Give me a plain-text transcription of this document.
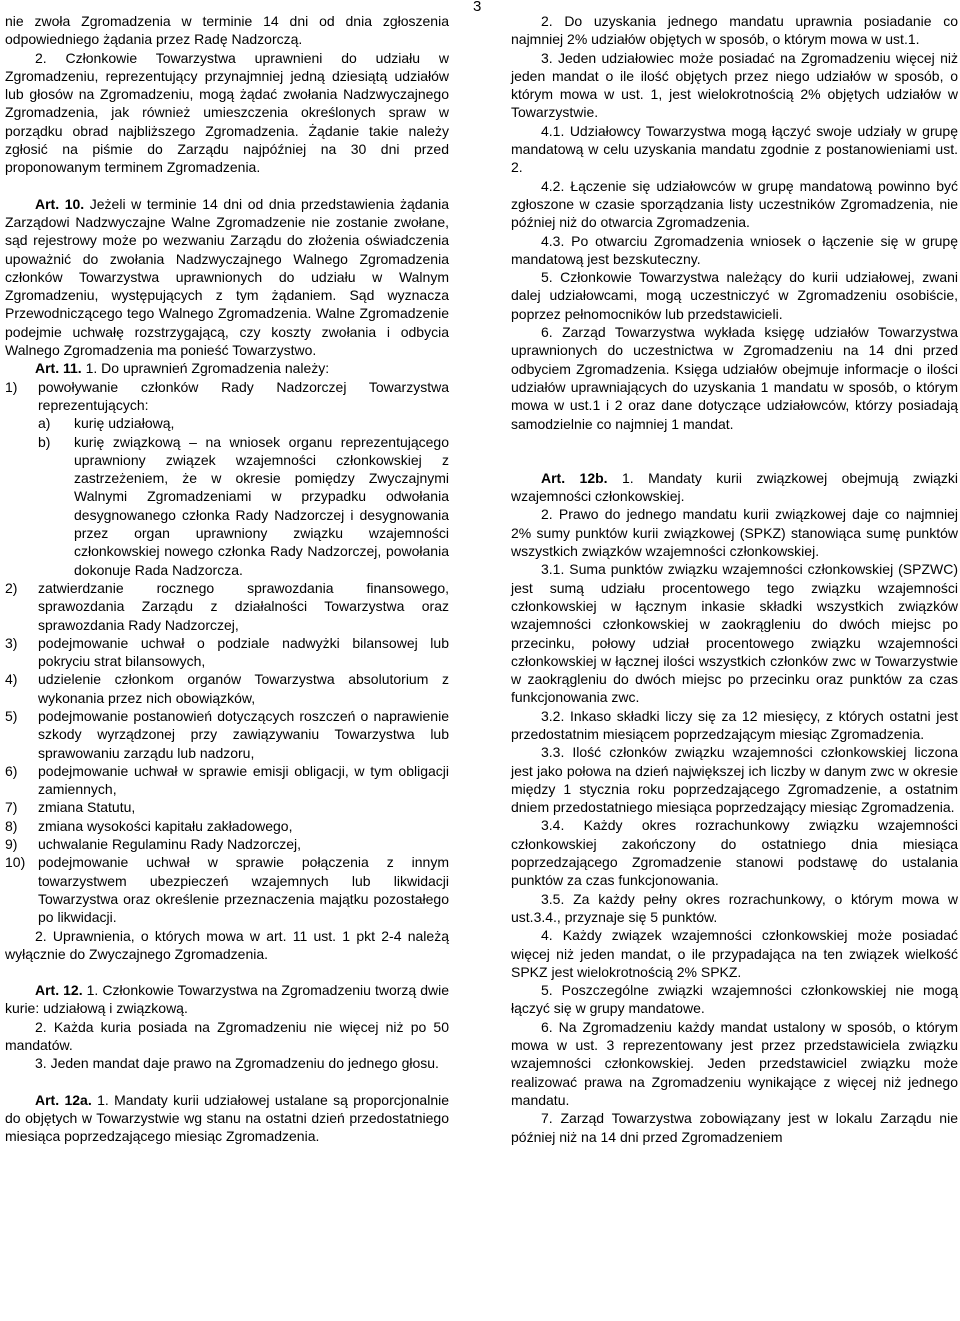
3

nie zwoła Zgromadzenia w terminie 14 dni od dnia zgłoszenia odpowiedniego żądania przez Radę Nadzorczą.

2. Członkowie Towarzystwa uprawnieni do udziału w Zgromadzeniu, reprezentujący przynajmniej jedną dziesiątą udziałów lub głosów na Zgromadzeniu, mogą żądać zwołania Nadzwyczajnego Zgromadzenia, jak również umieszczenia określonych spraw w porządku obrad najbliższego Zgromadzenia. Żądanie takie należy zgłosić na piśmie do Zarządu najpóźniej na 30 dni przed proponowanym terminem Zgromadzenia.

Art. 10. Jeżeli w terminie 14 dni od dnia przedstawienia żądania Zarządowi Nadzwyczajne Walne Zgromadzenie nie zostanie zwołane, sąd rejestrowy może po wezwaniu Zarządu do złożenia oświadczenia upoważnić do zwołania Nadzwyczajnego Walnego Zgromadzenia członków Towarzystwa uprawnionych do udziału w Walnym Zgromadzeniu, występujących z tym żądaniem. Sąd wyznacza Przewodniczącego tego Walnego Zgromadzenia. Walne Zgromadzenie podejmie uchwałę rozstrzygającą, czy koszty zwołania i odbycia Walnego Zgromadzenia ma ponieść Towarzystwo.

Art. 11. 1. Do uprawnień Zgromadzenia należy:

1)	powoływanie członków Rady Nadzorczej Towarzystwa reprezentujących:
a)	kurię udziałową,
b)	kurię związkową – na wniosek organu reprezentującego uprawniony związek wzajemności członkowskiej z zastrzeżeniem, że w okresie pomiędzy Zwyczajnymi Walnymi Zgromadzeniami w przypadku odwołania desygnowanego członka Rady Nadzorczej i desygnowania przez organ uprawniony związku wzajemności członkowskiej nowego członka Rady Nadzorczej, powołania dokonuje Rada Nadzorcza.
2)	zatwierdzanie rocznego sprawozdania finansowego, sprawozdania Zarządu z działalności Towarzystwa oraz sprawozdania Rady Nadzorczej,
3)	podejmowanie uchwał o podziale nadwyżki bilansowej lub pokryciu strat bilansowych,
4)	udzielenie członkom organów Towarzystwa absolutorium z wykonania przez nich obowiązków,
5)	podejmowanie postanowień dotyczących roszczeń o naprawienie szkody wyrządzonej przy zawiązywaniu Towarzystwa lub sprawowaniu zarządu lub nadzoru,
6)	podejmowanie uchwał w sprawie emisji obligacji, w tym obligacji zamiennych,
7)	zmiana Statutu,
8)	zmiana wysokości kapitału zakładowego,
9)	uchwalanie Regulaminu Rady Nadzorczej,
10) podejmowanie uchwał w sprawie połączenia z innym towarzystwem ubezpieczeń wzajemnych lub likwidacji Towarzystwa oraz określenie przeznaczenia majątku pozostałego po likwidacji.

2. Uprawnienia, o których mowa w art. 11 ust. 1 pkt 2-4 należą wyłącznie do Zwyczajnego Zgromadzenia.

Art. 12. 1. Członkowie Towarzystwa na Zgromadzeniu tworzą dwie kurie: udziałową i związkową.

2. Każda kuria posiada na Zgromadzeniu nie więcej niż po 50 mandatów.

3. Jeden mandat daje prawo na Zgromadzeniu do jednego głosu.

Art. 12a. 1. Mandaty kurii udziałowej ustalane są proporcjonalnie do objętych w Towarzystwie wg stanu na ostatni dzień przedostatniego miesiąca poprzedzającego miesiąc Zgromadzenia.

2. Do uzyskania jednego mandatu uprawnia posiadanie co najmniej 2% udziałów objętych w sposób, o którym mowa w ust.1.

3. Jeden udziałowiec może posiadać na Zgromadzeniu więcej niż jeden mandat o ile ilość objętych przez niego udziałów w sposób, o którym mowa w ust. 1, jest wielokrotnością 2% objętych udziałów w Towarzystwie.

4.1. Udziałowcy Towarzystwa mogą łączyć swoje udziały w grupę mandatową w celu uzyskania mandatu zgodnie z postanowieniami ust. 2.

4.2. Łączenie się udziałowców w grupę mandatową powinno być zgłoszone w czasie sporządzania listy uczestników Zgromadzenia, nie później niż do otwarcia Zgromadzenia.

4.3. Po otwarciu Zgromadzenia wniosek o łączenie się w grupę mandatową jest bezskuteczny.

5. Członkowie Towarzystwa należący do kurii udziałowej, zwani dalej udziałowcami, mogą uczestniczyć w Zgromadzeniu osobiście, poprzez pełnomocników lub przedstawicieli.

6. Zarząd Towarzystwa wykłada księgę udziałów Towarzystwa uprawnionych do uczestnictwa w Zgromadzeniu na 14 dni przed odbyciem Zgromadzenia. Księga udziałów obejmuje informacje o ilości udziałów uprawniających do uzyskania 1 mandatu w sposób, o którym mowa w ust.1 i 2 oraz dane dotyczące udziałowców, którzy posiadają samodzielnie co najmniej 1 mandat.

Art. 12b. 1. Mandaty kurii związkowej obejmują związki wzajemności członkowskiej.

2. Prawo do jednego mandatu kurii związkowej daje co najmniej 2% sumy punktów kurii związkowej (SPKZ) stanowiąca sumę punktów wszystkich związków wzajemności członkowskiej.

3.1. Suma punktów związku wzajemności członkowskiej (SPZWC) jest sumą udziału procentowego tego związku wzajemności członkowskiej w łącznym inkasie składki wszystkich związków wzajemności członkowskiej w zaokrągleniu do dwóch miejsc po przecinku, połowy udział procentowego związku wzajemności członkowskiej w łącznej ilości wszystkich członków zwc w Towarzystwie w zaokrągleniu do dwóch miejsc po przecinku oraz punktów za czas funkcjonowania zwc.

3.2. Inkaso składki liczy się za 12 miesięcy, z których ostatni jest przedostatnim miesiącem poprzedzającym miesiąc Zgromadzenia.

3.3. Ilość członków związku wzajemności członkowskiej liczona jest jako połowa na dzień największej ich liczby w danym zwc w okresie między 1 stycznia roku poprzedzającego Zgromadzenie, a ostatnim dniem przedostatniego miesiąca poprzedzający miesiąc Zgromadzenia.

3.4. Każdy okres rozrachunkowy związku wzajemności członkowskiej zakończony do ostatniego dnia miesiąca poprzedzającego Zgromadzenie stanowi podstawę do ustalania punktów za czas funkcjonowania.

3.5. Za każdy pełny okres rozrachunkowy, o którym mowa w ust.3.4., przyznaje się 5 punktów.

4. Każdy związek wzajemności członkowskiej może posiadać więcej niż jeden mandat, o ile przypadająca na ten związek wielkość SPKZ jest wielokrotnością 2% SPKZ.

5. Poszczególne związki wzajemności członkowskiej nie mogą łączyć się w grupy mandatowe.

6. Na Zgromadzeniu każdy mandat ustalony w sposób, o którym mowa w ust. 3 reprezentowany jest przez przedstawiciela związku wzajemności członkowskiej. Jeden przedstawiciel związku może realizować prawa na Zgromadzeniu wynikające z więcej niż jednego mandatu.

7. Zarząd Towarzystwa zobowiązany jest w lokalu Zarządu nie później niż na 14 dni przed Zgromadzeniem
